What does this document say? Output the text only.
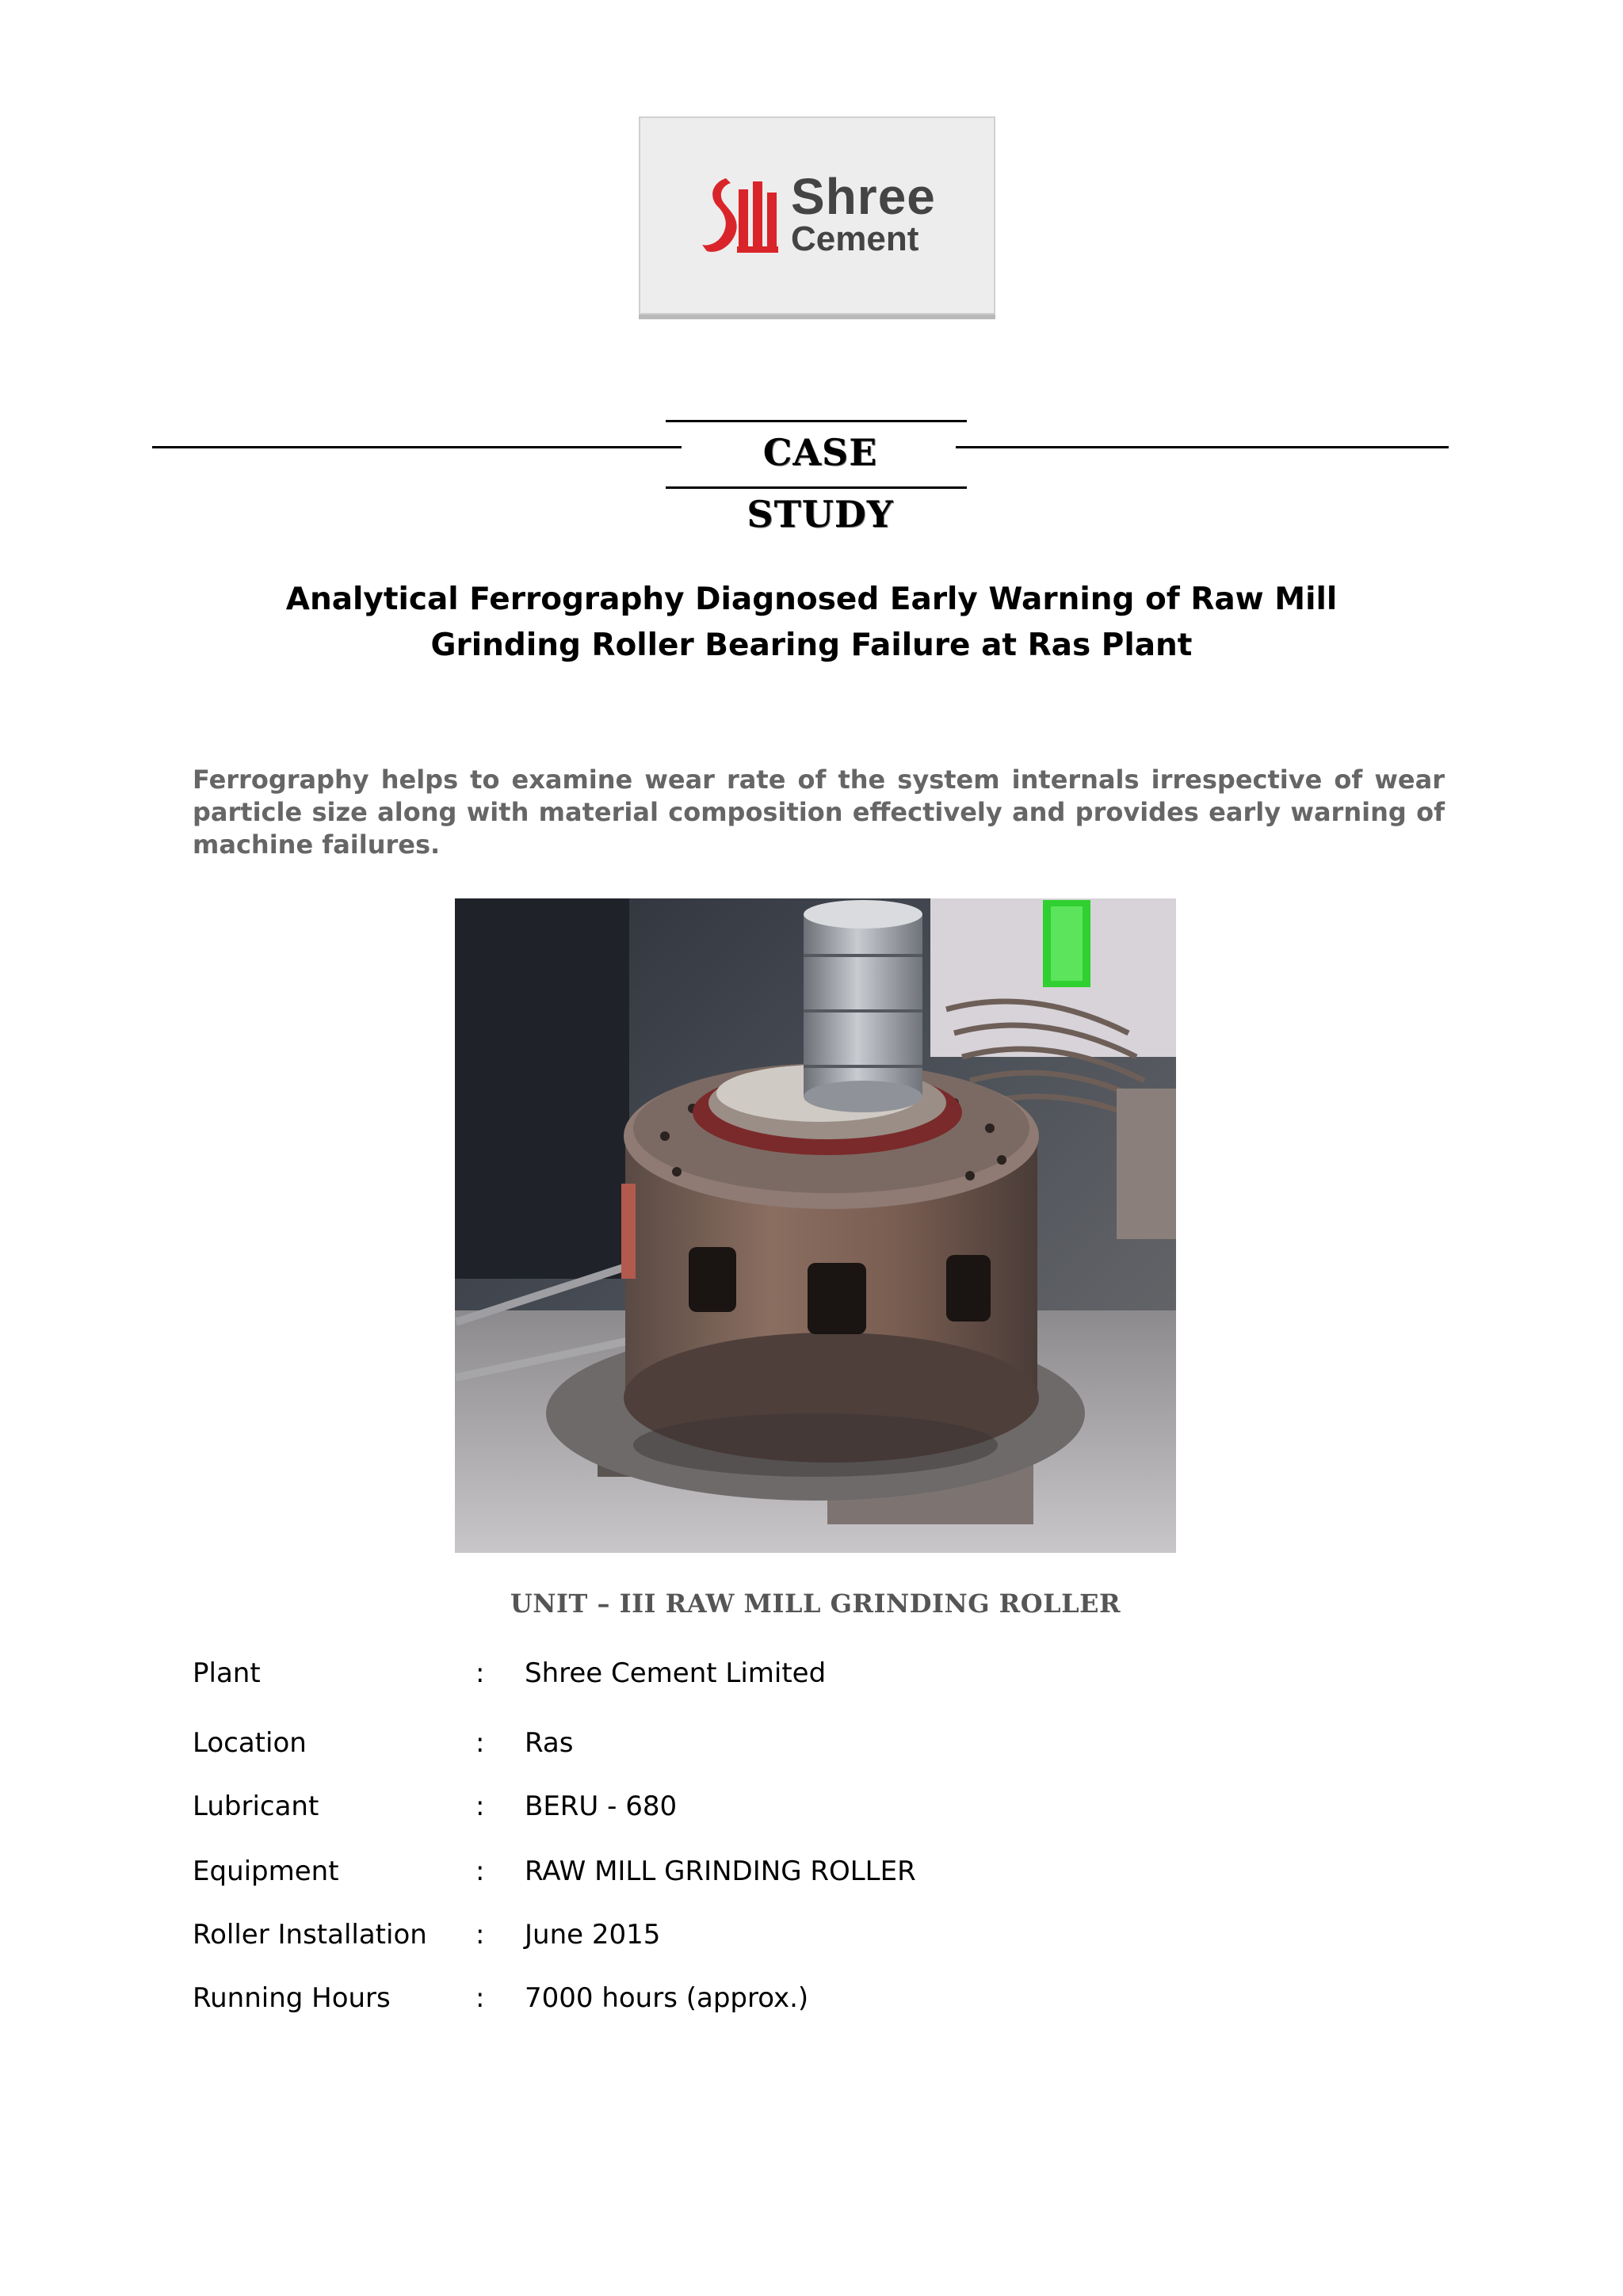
Shree
Cement
CASE STUDY
Analytical Ferrography Diagnosed Early Warning of Raw Mill
Grinding Roller Bearing Failure at Ras Plant
Ferrography helps to examine wear rate of the system internals irrespective of wear particle size along with material composition effectively and provides early warning of machine failures.
UNIT – III RAW MILL GRINDING ROLLER
Plant	: Shree Cement Limited
Location	: Ras
Lubricant	: BERU - 680
Equipment	: RAW MILL GRINDING ROLLER
Roller Installation : June 2015
Running Hours	: 7000 hours (approx.)
